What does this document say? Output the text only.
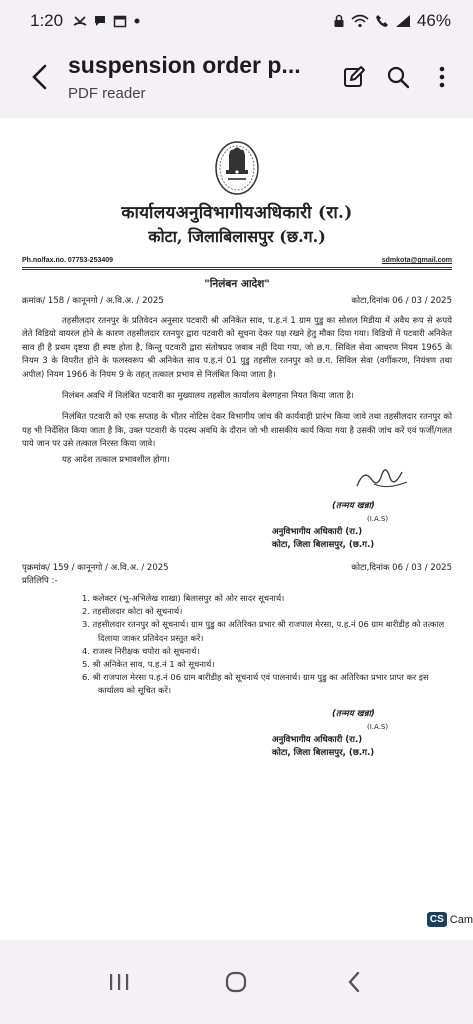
1:20	46%
suspension order p...
PDF reader
कार्यालयअनुविभागीयअधिकारी (रा.)
कोटा, जिलाबिलासपुर (छ.ग.)
Ph.no/fax.no. 07753-253409	sdmkota@gmail.com
"निलंबन आदेश"
क्रमांक/ 158 / कानूनगो / अ.वि.अ. / 2025	कोटा,दिनांक 06 / 03 / 2025

तहसीलदार रतनपुर के प्रतिवेदन अनुसार पटवारी श्री अनिकेत साव, प.ह.नं 1 ग्राम पुडु का सोशल मिडीया में अवैध रूप से रूपये लेते विडियो वायरल होने के कारण तहसीलदार रतनपुर द्वारा पटवारी को सूचना देकर पक्ष रखने हेतु मौका दिया गया। विडियों में पटवारी अनिकेत साव ही है प्रथम दृष्टया ही स्पष्ट होता है, किन्तु पटवारी द्वारा संतोषप्रद जवाब नहीं दिया गया, जो छ.ग. सिविल सेवा आचरण नियम 1965 के नियम 3 के विपरीत होने के फलस्वरूप श्री अनिकेत साव प.ह.नं 01 पुडु तहसील रतनपुर को छ.ग. सिविल सेवा (वर्गीकरण, नियंत्रण तथा अपील) नियम 1966 के नियम 9 के तहत् तत्काल प्रभाव से निलंबित किया जाता है।

निलंबन अवधि में निलंबित पटवारी का मुख्यालय तहसील कार्यालय बेलगहना नियत किया जाता है।

निलंबित पटवारी को एक सप्ताह के भीतर नोटिस देकर विभागीय जांच की कार्यवाही प्रारंभ किया जावे तथा तहसीलदार रतनपुर को यह भी निर्देशित किया जाता है कि, उक्त पटवारी के पदस्थ अवधि के दौरान जो भी शासकीय कार्य किया गया है उसकी जांच करें एवं फर्जी/गलत पाये जान पर उसे तत्काल निरस्त किया जावे।

यह आदेश तत्काल प्रभावशील होगा।

(तन्मय खन्ना)
(I.A.S)
अनुविभागीय अधिकारी (रा.)
कोटा, जिला बिलासपुर, (छ.ग.)
पृक्रमांक/ 159 / कानूनगो / अ.वि.अ. / 2025	कोटा,दिनांक 06 / 03 / 2025
प्रतिलिपि :-
1. कलेक्टर (भू-अभिलेख शाखा) बिलासपुर को ओर सादर सूचनार्थ।
2. तहसीलदार कोटा को सूचनार्थ।
3. तहसीलदार रतनपुर को सूचनार्थ। ग्राम पुडु का अतिरिक्त प्रभार श्री राजपाल मेरसा, प.ह.नं 06 ग्राम बारीडीह को तत्काल दिलाया जाकर प्रतिवेदन प्रस्तुत करें।
4. राजस्व निरीक्षक चपोरा को सूचनार्थ।
5. श्री अनिकेत साव, प.ह.नं 1 को सूचनार्थ।
6. श्री राजपाल मेरसा प.ह.नं 06 ग्राम बारीडीह को सूचनार्थ एवं पालनार्थ। ग्राम पुडु का अतिरिक्त प्रभार प्राप्त कर इस कार्यालय को सूचित करें।
(तन्मय खन्ना)
(I.A.S)
अनुविभागीय अधिकारी (रा.)
कोटा, जिला बिलासपुर, (छ.ग.)
CS Cam
